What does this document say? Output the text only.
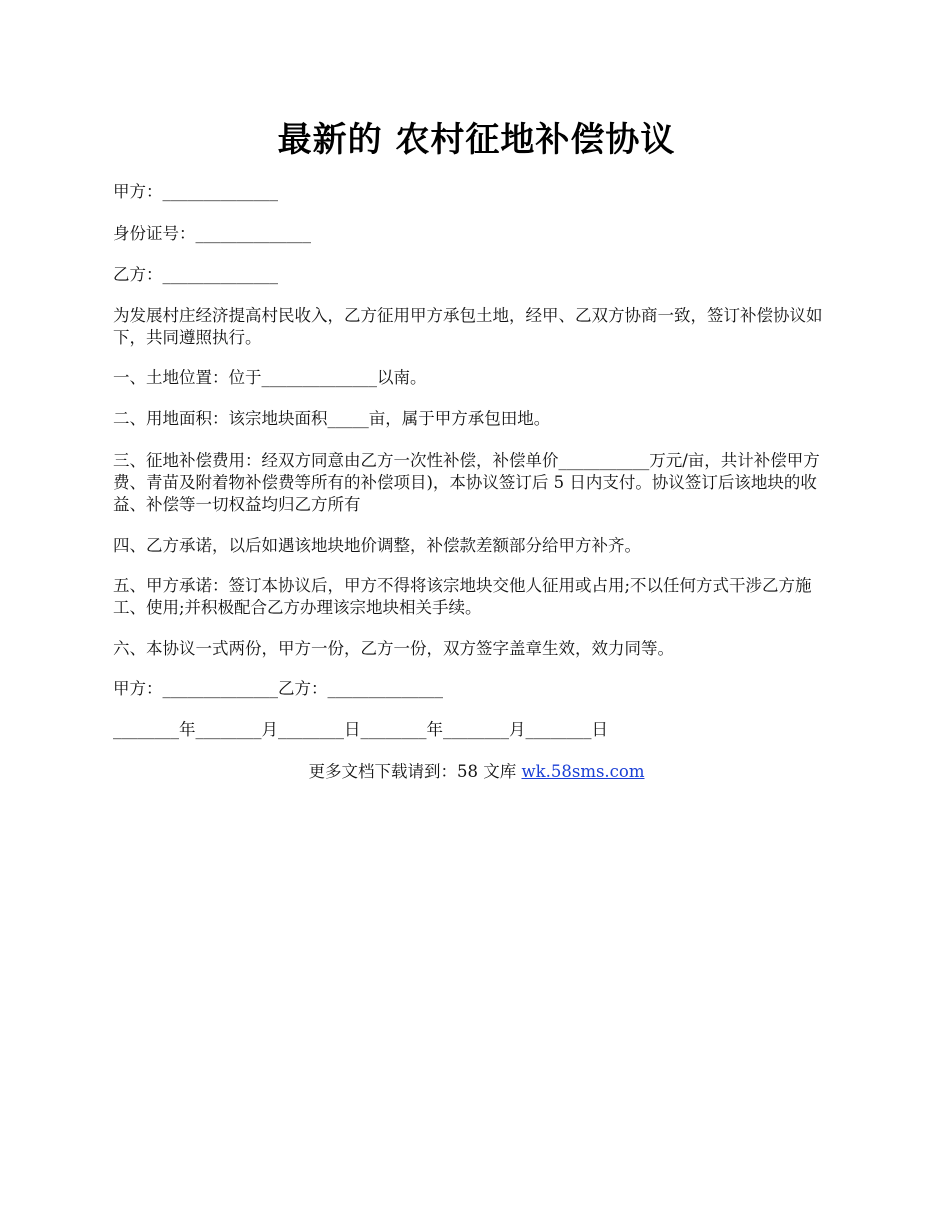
最新的 农村征地补偿协议

甲方：______________

身份证号：______________

乙方：______________

为发展村庄经济提高村民收入，乙方征用甲方承包土地，经甲、乙双方协商一致，签订补偿协议如下，共同遵照执行。

一、土地位置：位于______________以南。

二、用地面积：该宗地块面积_____亩，属于甲方承包田地。

三、征地补偿费用：经双方同意由乙方一次性补偿，补偿单价___________万元/亩，共计补偿甲方费、青苗及附着物补偿费等所有的补偿项目)，本协议签订后 5 日内支付。协议签订后该地块的收益、补偿等一切权益均归乙方所有

四、乙方承诺，以后如遇该地块地价调整，补偿款差额部分给甲方补齐。

五、甲方承诺：签订本协议后，甲方不得将该宗地块交他人征用或占用;不以任何方式干涉乙方施工、使用;并积极配合乙方办理该宗地块相关手续。

六、本协议一式两份，甲方一份，乙方一份，双方签字盖章生效，效力同等。

甲方：______________乙方：______________

________年________月________日________年________月________日

更多文档下载请到：58 文库 wk.58sms.com
